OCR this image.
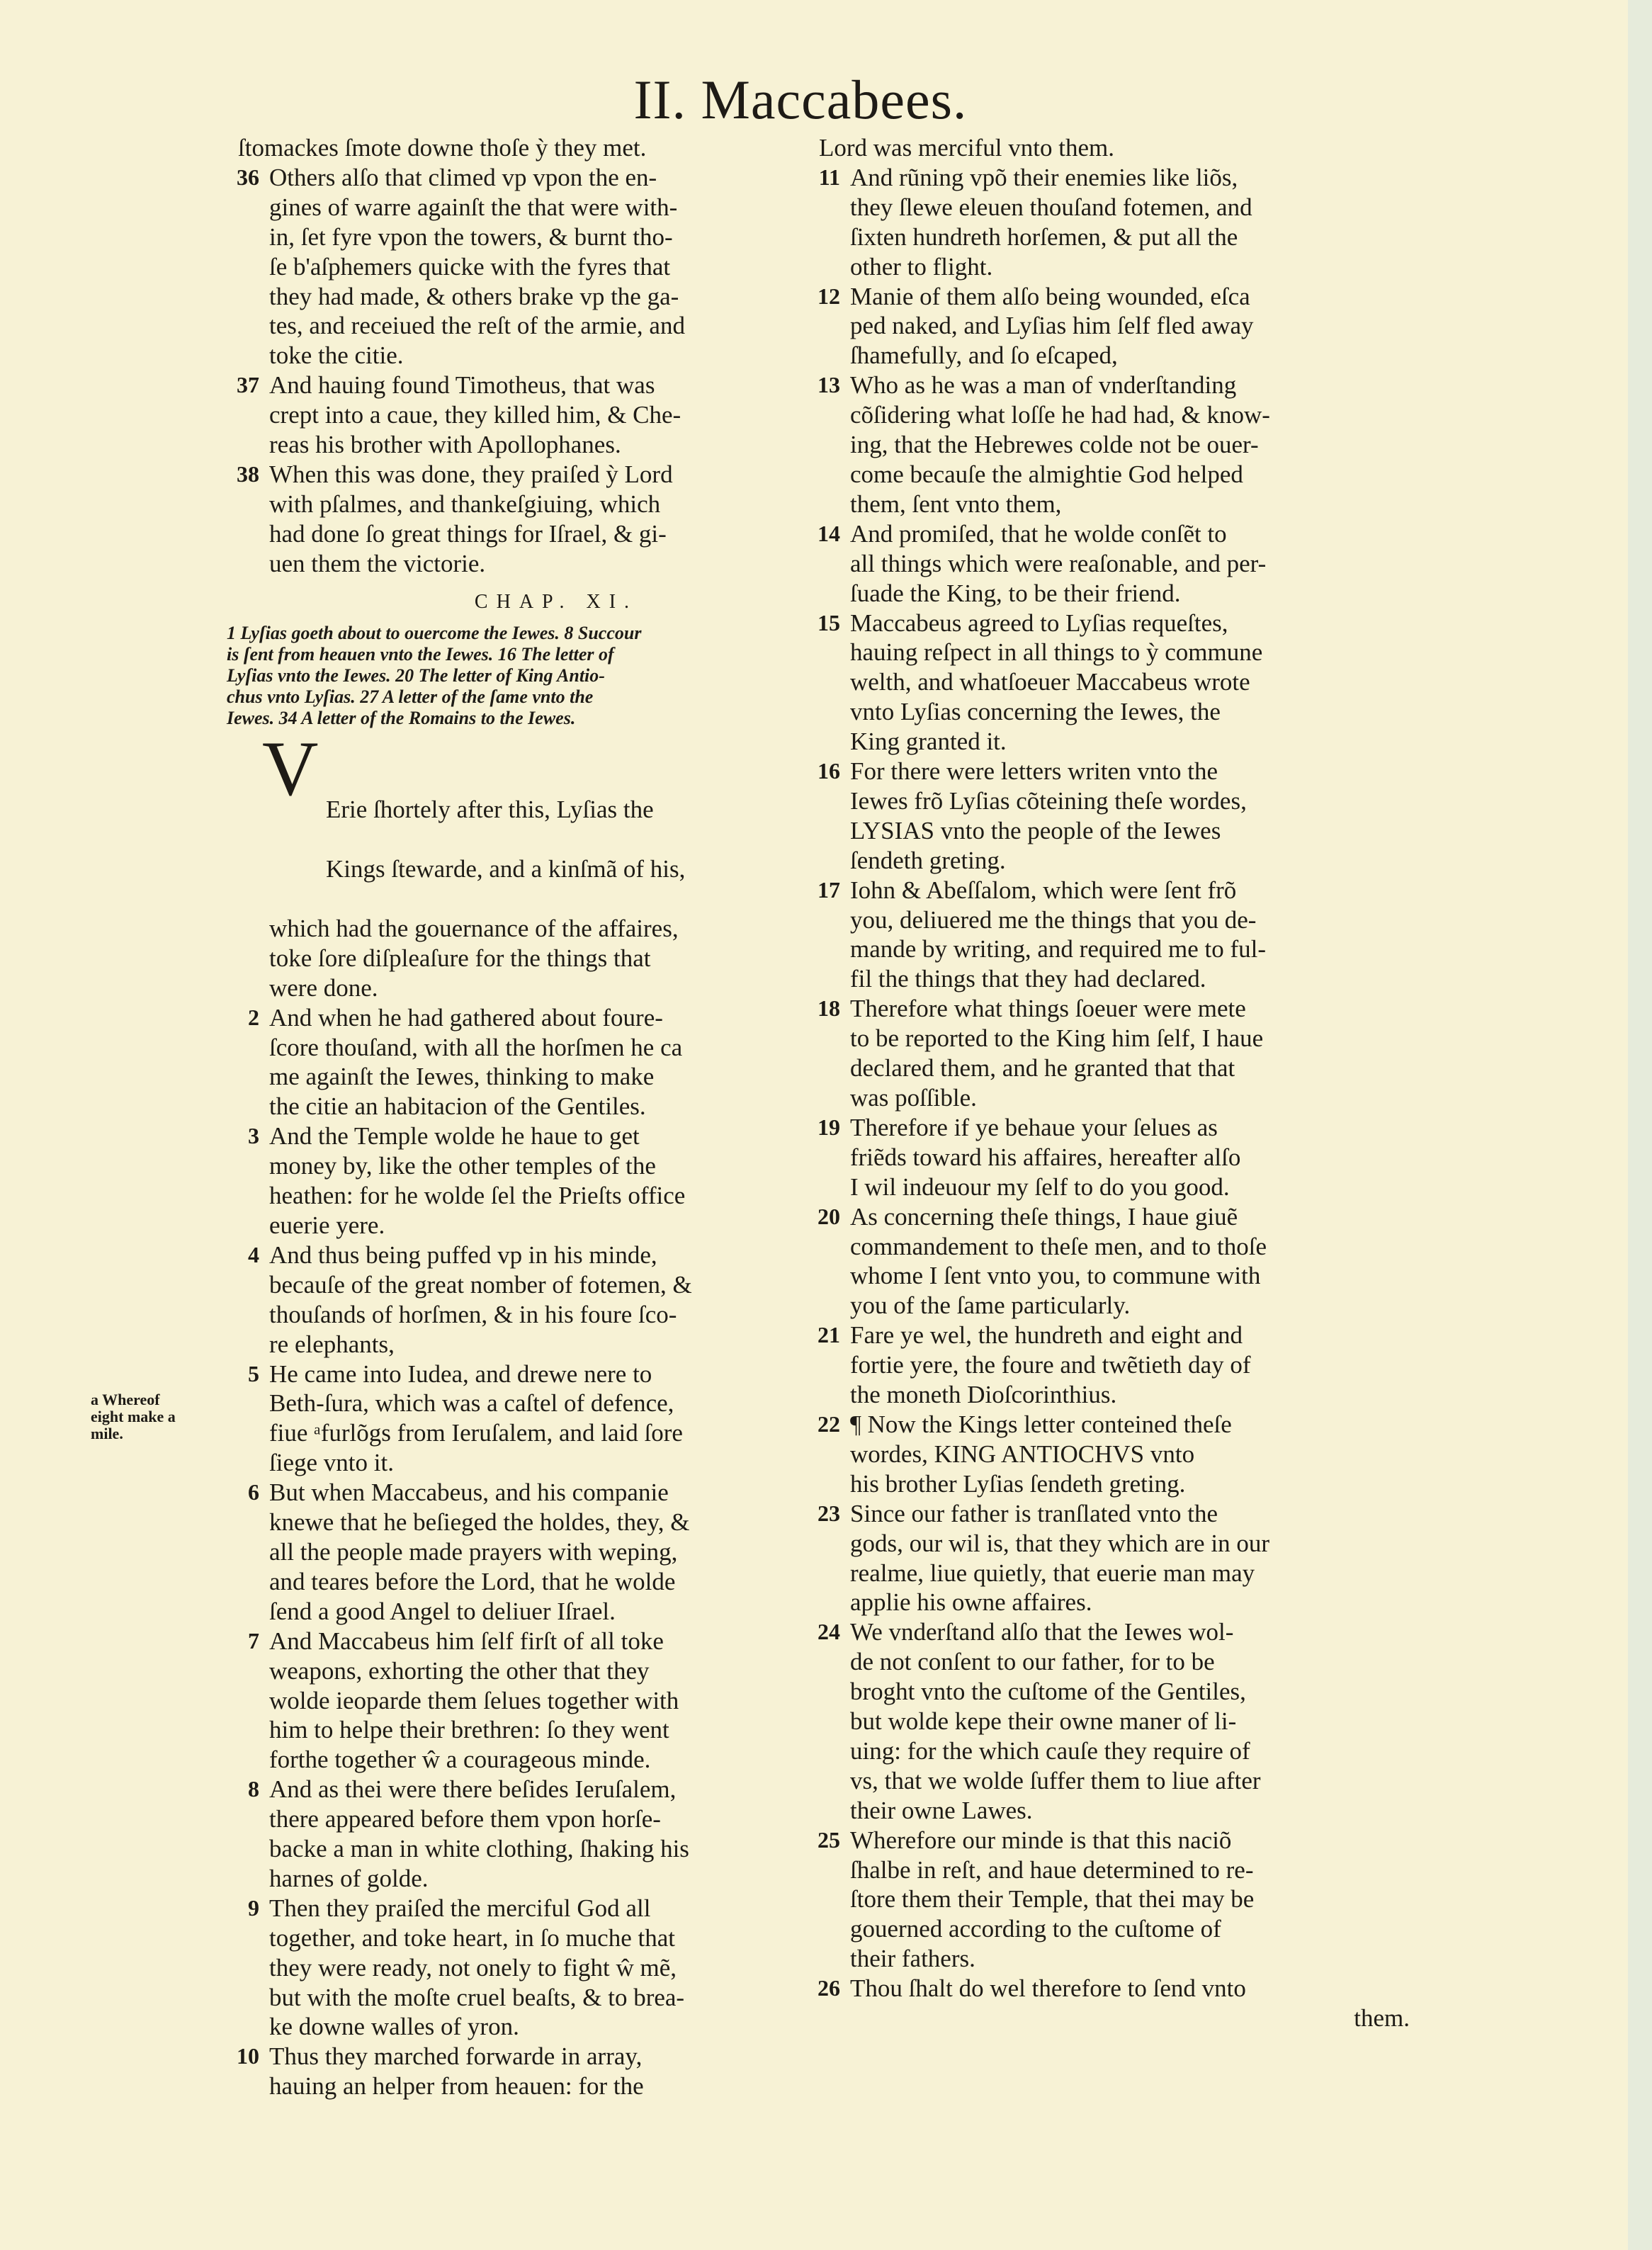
II. Maccabees.
a Whereof
eight make a
mile.
ſtomackes ſmote downe thoſe ỳ they met.
36 Others alſo that climed vp vpon the en-
gines of warre againſt the that were with-
in, ſet fyre vpon the towers, & burnt tho-
ſe b'aſphemers quicke with the fyres that
they had made, & others brake vp the ga-
tes, and receiued the reſt of the armie, and
toke the citie.
37 And hauing found Timotheus, that was
crept into a caue, they killed him, & Che-
reas his brother with Apollophanes.
38 When this was done, they praiſed ỳ Lord
with pſalmes, and thankeſgiuing, which
had done ſo great things for Iſrael, & gi-
uen them the victorie.
CHAP. XI.
1 Lyſias goeth about to ouercome the Iewes. 8 Succour
is ſent from heauen vnto the Iewes. 16 The letter of
Lyſias vnto the Iewes. 20 The letter of King Antio-
chus vnto Lyſias. 27 A letter of the ſame vnto the
Iewes. 34 A letter of the Romains to the Iewes.

V Erie ſhortely after this, Lyſias the

Kings ſtewarde, and a kinſmã of his,

which had the gouernance of the affaires,
toke ſore diſpleaſure for the things that
were done.

2 And when he had gathered about foure-
ſcore thouſand, with all the horſmen he ca
me againſt the Iewes, thinking to make
the citie an habitacion of the Gentiles.
3 And the Temple wolde he haue to get
money by, like the other temples of the
heathen: for he wolde ſel the Prieſts office
euerie yere.
4 And thus being puffed vp in his minde,
becauſe of the great nomber of fotemen, &
thouſands of horſmen, & in his foure ſco-
re elephants,
5 He came into Iudea, and drewe nere to
Beth-ſura, which was a caſtel of defence,
fiue ᵃfurlõgs from Ieruſalem, and laid ſore
ſiege vnto it.
6 But when Maccabeus, and his companie
knewe that he beſieged the holdes, they, &
all the people made prayers with weping,
and teares before the Lord, that he wolde
ſend a good Angel to deliuer Iſrael.
7 And Maccabeus him ſelf firſt of all toke
weapons, exhorting the other that they
wolde ieoparde them ſelues together with
him to helpe their brethren: ſo they went
forthe together ŵ a courageous minde.
8 And as thei were there beſides Ieruſalem,
there appeared before them vpon horſe-
backe a man in white clothing, ſhaking his
harnes of golde.
9 Then they praiſed the merciful God all
together, and toke heart, in ſo muche that
they were ready, not onely to fight ŵ mẽ,
but with the moſte cruel beaſts, & to brea-
ke downe walles of yron.
10 Thus they marched forwarde in array,
hauing an helper from heauen: for the
Lord was merciful vnto them.
11 And rũning vpõ their enemies like liõs,
they ſlewe eleuen thouſand fotemen, and
ſixten hundreth horſemen, & put all the
other to flight.
12 Manie of them alſo being wounded, eſca
ped naked, and Lyſias him ſelf fled away
ſhamefully, and ſo eſcaped,
13 Who as he was a man of vnderſtanding
cõſidering what loſſe he had had, & know-
ing, that the Hebrewes colde not be ouer-
come becauſe the almightie God helped
them, ſent vnto them,
14 And promiſed, that he wolde conſẽt to
all things which were reaſonable, and per-
ſuade the King, to be their friend.
15 Maccabeus agreed to Lyſias requeſtes,
hauing reſpect in all things to ỳ commune
welth, and whatſoeuer Maccabeus wrote
vnto Lyſias concerning the Iewes, the
King granted it.
16 For there were letters writen vnto the
Iewes frõ Lyſias cõteining theſe wordes,
LYSIAS vnto the people of the Iewes
ſendeth greting.
17 Iohn & Abeſſalom, which were ſent frõ
you, deliuered me the things that you de-
mande by writing, and required me to ful-
fil the things that they had declared.
18 Therefore what things ſoeuer were mete
to be reported to the King him ſelf, I haue
declared them, and he granted that that
was poſſible.
19 Therefore if ye behaue your ſelues as
friẽds toward his affaires, hereafter alſo
I wil indeuour my ſelf to do you good.
20 As concerning theſe things, I haue giuẽ
commandement to theſe men, and to thoſe
whome I ſent vnto you, to commune with
you of the ſame particularly.
21 Fare ye wel, the hundreth and eight and
fortie yere, the foure and twẽtieth day of
the moneth Dioſcorinthius.
22 ¶ Now the Kings letter conteined theſe
wordes, KING ANTIOCHVS vnto
his brother Lyſias ſendeth greting.
23 Since our father is tranſlated vnto the
gods, our wil is, that they which are in our
realme, liue quietly, that euerie man may
applie his owne affaires.
24 We vnderſtand alſo that the Iewes wol-
de not conſent to our father, for to be
broght vnto the cuſtome of the Gentiles,
but wolde kepe their owne maner of li-
uing: for the which cauſe they require of
vs, that we wolde ſuffer them to liue after
their owne Lawes.
25 Wherefore our minde is that this naciõ
ſhalbe in reſt, and haue determined to re-
ſtore them their Temple, that thei may be
gouerned according to the cuſtome of
their fathers.
26 Thou ſhalt do wel therefore to ſend vnto
them.
